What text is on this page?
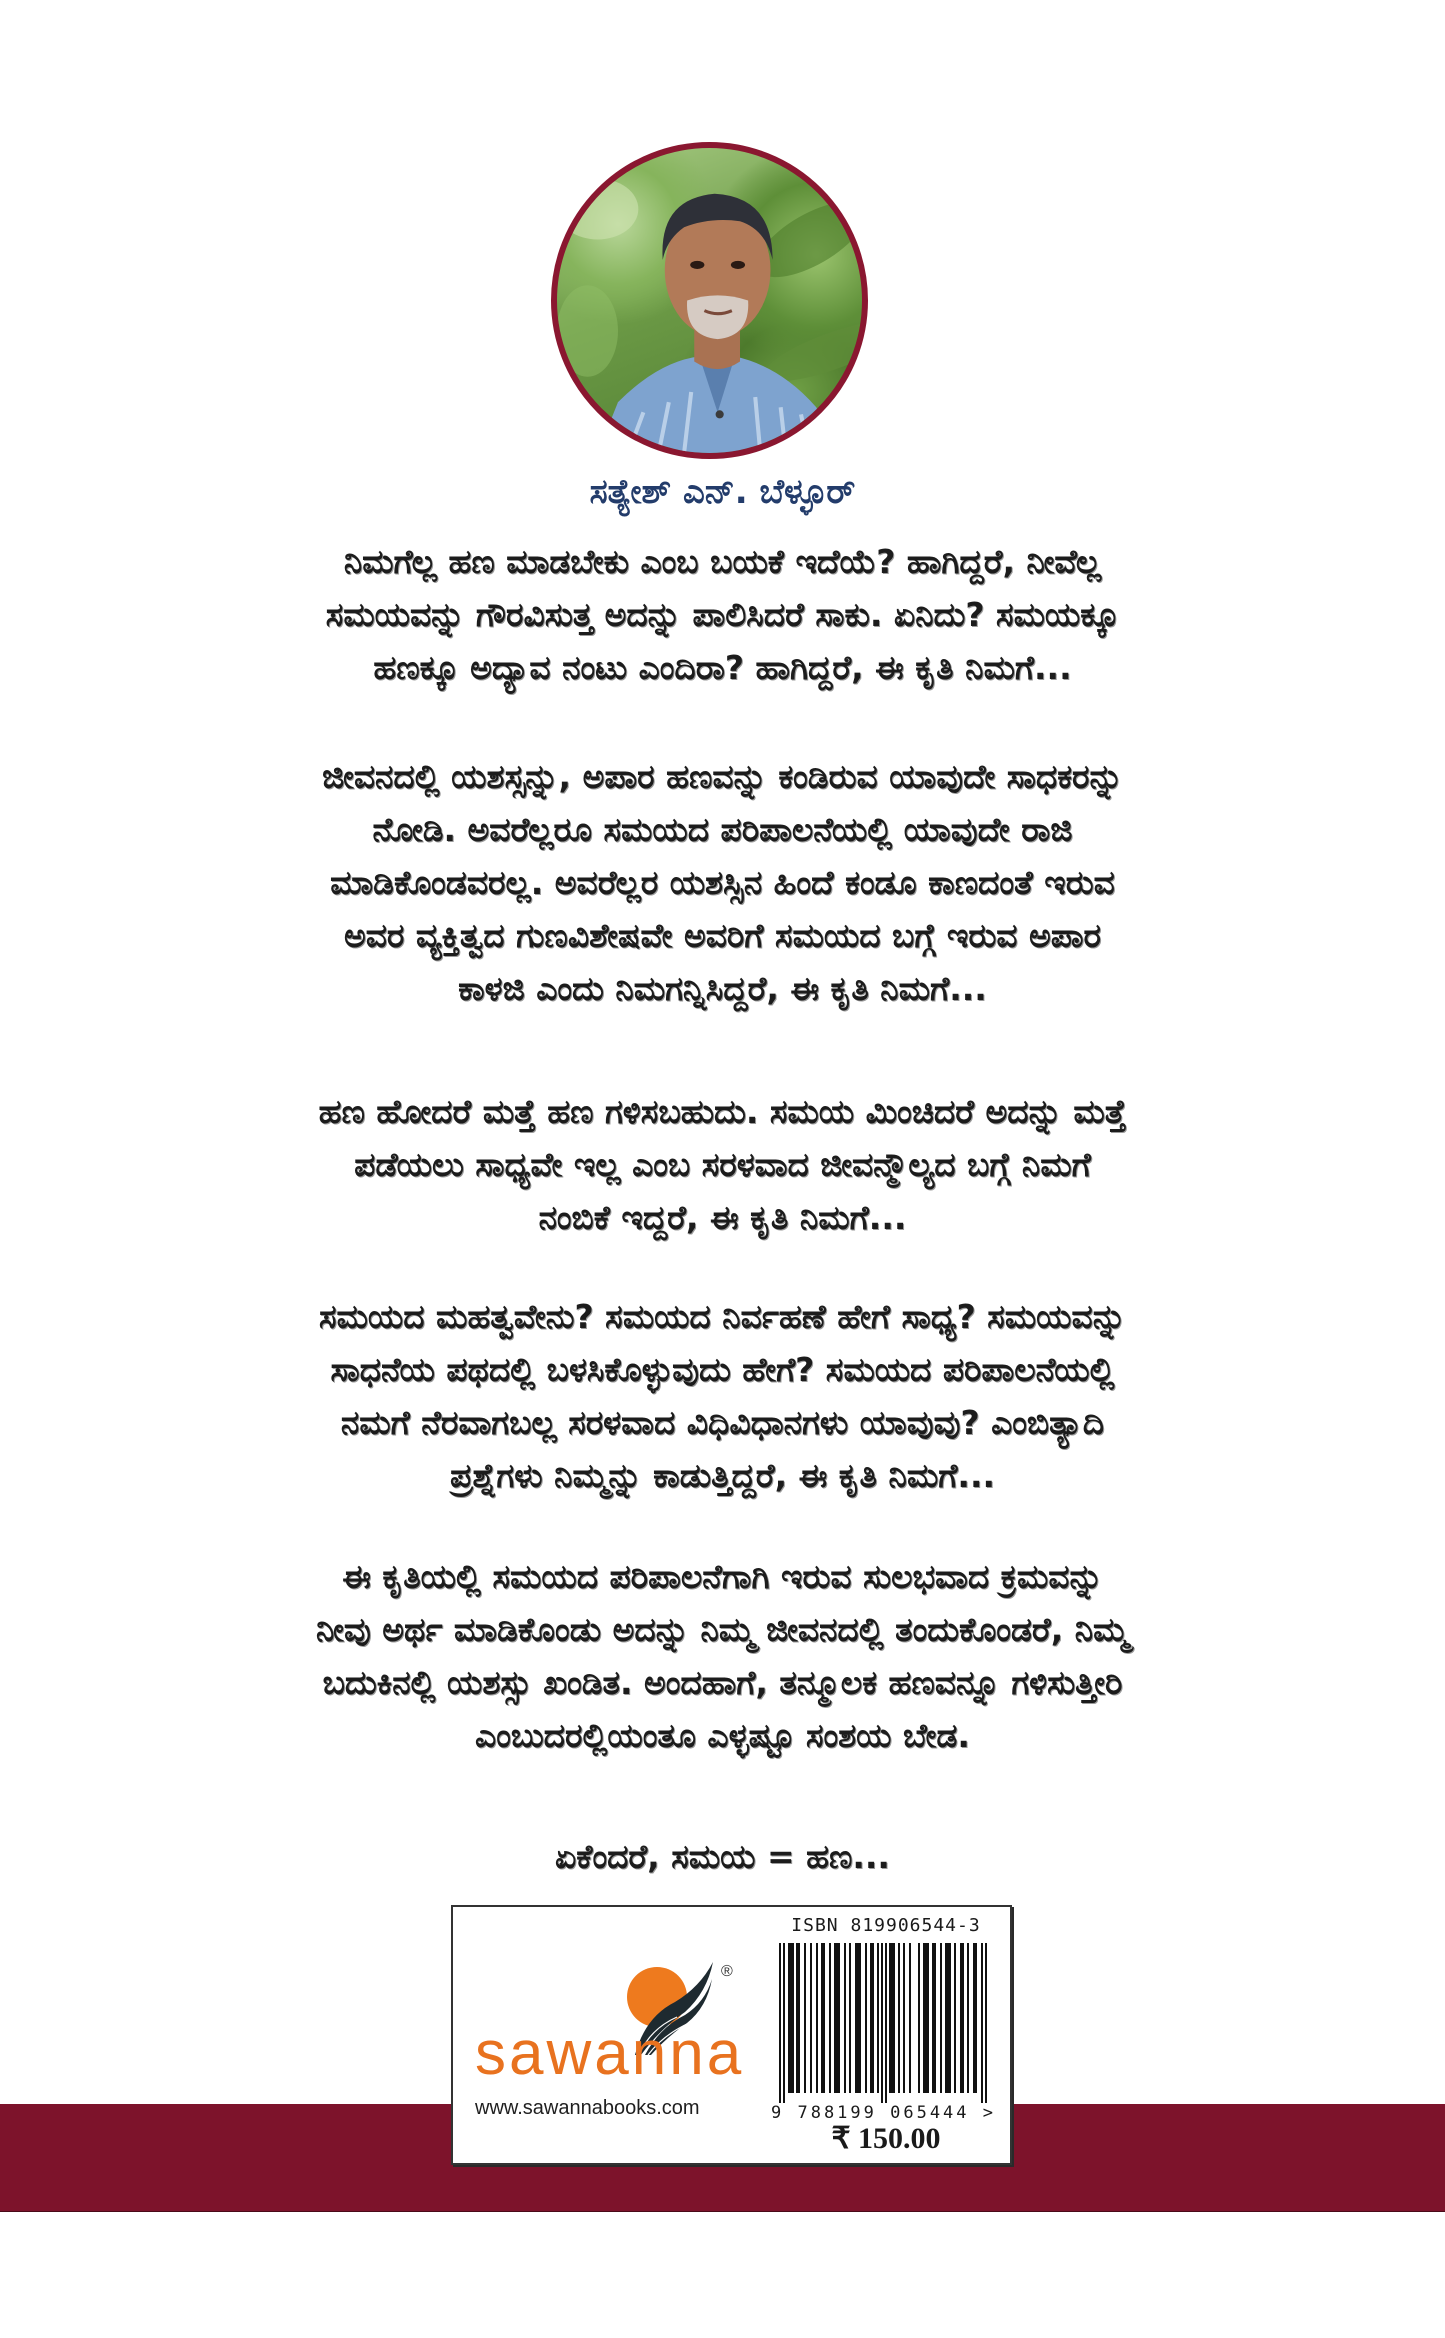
ಸತ್ಯೇಶ್ ಎನ್. ಬೆಳ್ಳೂರ್

ನಿಮಗೆಲ್ಲ ಹಣ ಮಾಡಬೇಕು ಎಂಬ ಬಯಕೆ ಇದೆಯೆ? ಹಾಗಿದ್ದರೆ, ನೀವೆಲ್ಲ
ಸಮಯವನ್ನು ಗೌರವಿಸುತ್ತ ಅದನ್ನು ಪಾಲಿಸಿದರೆ ಸಾಕು. ಏನಿದು? ಸಮಯಕ್ಕೂ
ಹಣಕ್ಕೂ ಅದ್ಯಾವ ನಂಟು ಎಂದಿರಾ? ಹಾಗಿದ್ದರೆ, ಈ ಕೃತಿ ನಿಮಗೆ...

ಜೀವನದಲ್ಲಿ ಯಶಸ್ಸನ್ನು, ಅಪಾರ ಹಣವನ್ನು ಕಂಡಿರುವ ಯಾವುದೇ ಸಾಧಕರನ್ನು
ನೋಡಿ. ಅವರೆಲ್ಲರೂ ಸಮಯದ ಪರಿಪಾಲನೆಯಲ್ಲಿ ಯಾವುದೇ ರಾಜಿ
ಮಾಡಿಕೊಂಡವರಲ್ಲ. ಅವರೆಲ್ಲರ ಯಶಸ್ಸಿನ ಹಿಂದೆ ಕಂಡೂ ಕಾಣದಂತೆ ಇರುವ
ಅವರ ವ್ಯಕ್ತಿತ್ವದ ಗುಣವಿಶೇಷವೇ ಅವರಿಗೆ ಸಮಯದ ಬಗ್ಗೆ ಇರುವ ಅಪಾರ
ಕಾಳಜಿ ಎಂದು ನಿಮಗನ್ನಿಸಿದ್ದರೆ, ಈ ಕೃತಿ ನಿಮಗೆ...

ಹಣ ಹೋದರೆ ಮತ್ತೆ ಹಣ ಗಳಿಸಬಹುದು. ಸಮಯ ಮಿಂಚಿದರೆ ಅದನ್ನು ಮತ್ತೆ
ಪಡೆಯಲು ಸಾಧ್ಯವೇ ಇಲ್ಲ ಎಂಬ ಸರಳವಾದ ಜೀವನ್ಮೌಲ್ಯದ ಬಗ್ಗೆ ನಿಮಗೆ
ನಂಬಿಕೆ ಇದ್ದರೆ, ಈ ಕೃತಿ ನಿಮಗೆ...

ಸಮಯದ ಮಹತ್ವವೇನು? ಸಮಯದ ನಿರ್ವಹಣೆ ಹೇಗೆ ಸಾಧ್ಯ? ಸಮಯವನ್ನು
ಸಾಧನೆಯ ಪಥದಲ್ಲಿ ಬಳಸಿಕೊಳ್ಳುವುದು ಹೇಗೆ? ಸಮಯದ ಪರಿಪಾಲನೆಯಲ್ಲಿ
ನಮಗೆ ನೆರವಾಗಬಲ್ಲ ಸರಳವಾದ ವಿಧಿವಿಧಾನಗಳು ಯಾವುವು? ಎಂಬಿತ್ಯಾದಿ
ಪ್ರಶ್ನೆಗಳು ನಿಮ್ಮನ್ನು ಕಾಡುತ್ತಿದ್ದರೆ, ಈ ಕೃತಿ ನಿಮಗೆ...

ಈ ಕೃತಿಯಲ್ಲಿ ಸಮಯದ ಪರಿಪಾಲನೆಗಾಗಿ ಇರುವ ಸುಲಭವಾದ ಕ್ರಮವನ್ನು
ನೀವು ಅರ್ಥ ಮಾಡಿಕೊಂಡು ಅದನ್ನು ನಿಮ್ಮ ಜೀವನದಲ್ಲಿ ತಂದುಕೊಂಡರೆ, ನಿಮ್ಮ
ಬದುಕಿನಲ್ಲಿ ಯಶಸ್ಸು ಖಂಡಿತ. ಅಂದಹಾಗೆ, ತನ್ಮೂಲಕ ಹಣವನ್ನೂ ಗಳಿಸುತ್ತೀರಿ
ಎಂಬುದರಲ್ಲಿಯಂತೂ ಎಳ್ಳಷ್ಟೂ ಸಂಶಯ ಬೇಡ.

ಏಕೆಂದರೆ, ಸಮಯ = ಹಣ...

®
sawanna
www.sawannabooks.com
ISBN 819906544-3
9 788199 065444 >
₹ 150.00
